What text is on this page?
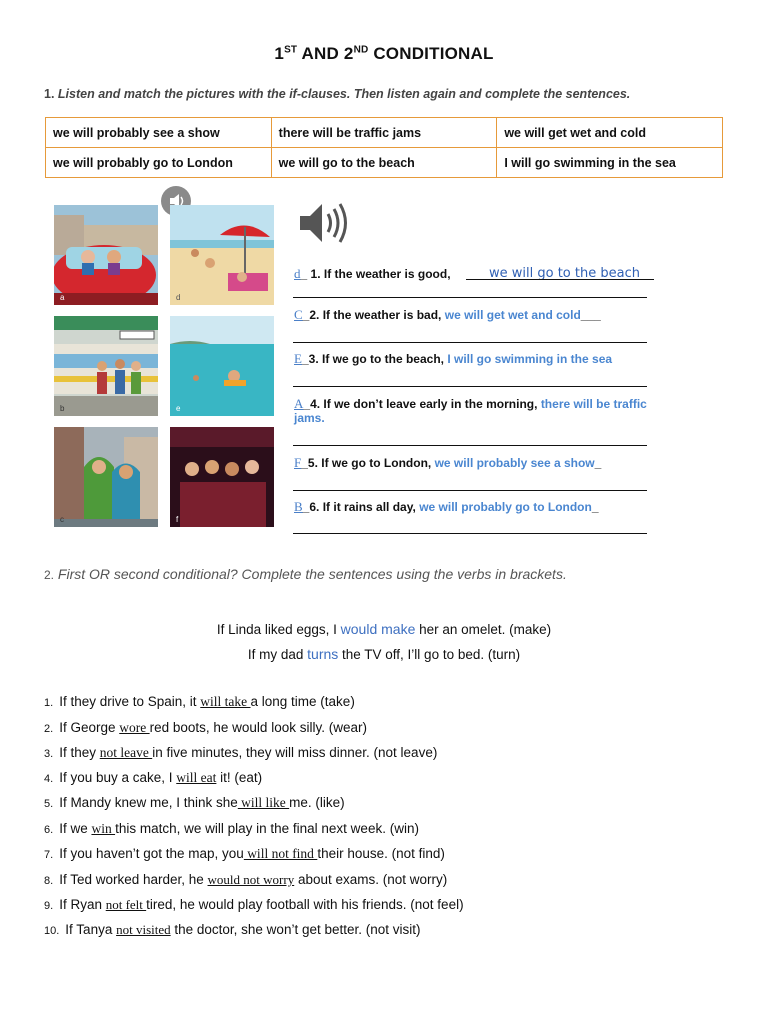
1ST AND 2ND CONDITIONAL
1. Listen and match the pictures with the if-clauses. Then listen again and complete the sentences.
we will probably see a show	there will be traffic jams	we will get wet and cold
we will probably go to London	we will go to the beach	I will go swimming in the sea
a	d
b	e
c	f
d_ 1. If the weather is good,	we will go to the beach
C_2. If the weather is bad, we will get wet and cold___
E_3. If we go to the beach, I will go swimming in the sea
A_4. If we don’t leave early in the morning, there will be traffic
jams.
F_5. If we go to London, we will probably see a show_
B_6. If it rains all day, we will probably go to London_
2. First OR second conditional? Complete the sentences using the verbs in brackets.
If Linda liked eggs, I would make her an omelet. (make)
If my dad turns the TV off, I’ll go to bed. (turn)
1. If they drive to Spain, it will take a long time (take)
2. If George wore red boots, he would look silly. (wear)
3. If they not leave in five minutes, they will miss dinner. (not leave)
4. If you buy a cake, I will eat it! (eat)
5. If Mandy knew me, I think she will like me. (like)
6. If we win this match, we will play in the final next week. (win)
7. If you haven’t got the map, you will not find their house. (not find)
8. If Ted worked harder, he would not worry about exams. (not worry)
9. If Ryan not felt tired, he would play football with his friends. (not feel)
10. If Tanya not visited the doctor, she won’t get better. (not visit)
